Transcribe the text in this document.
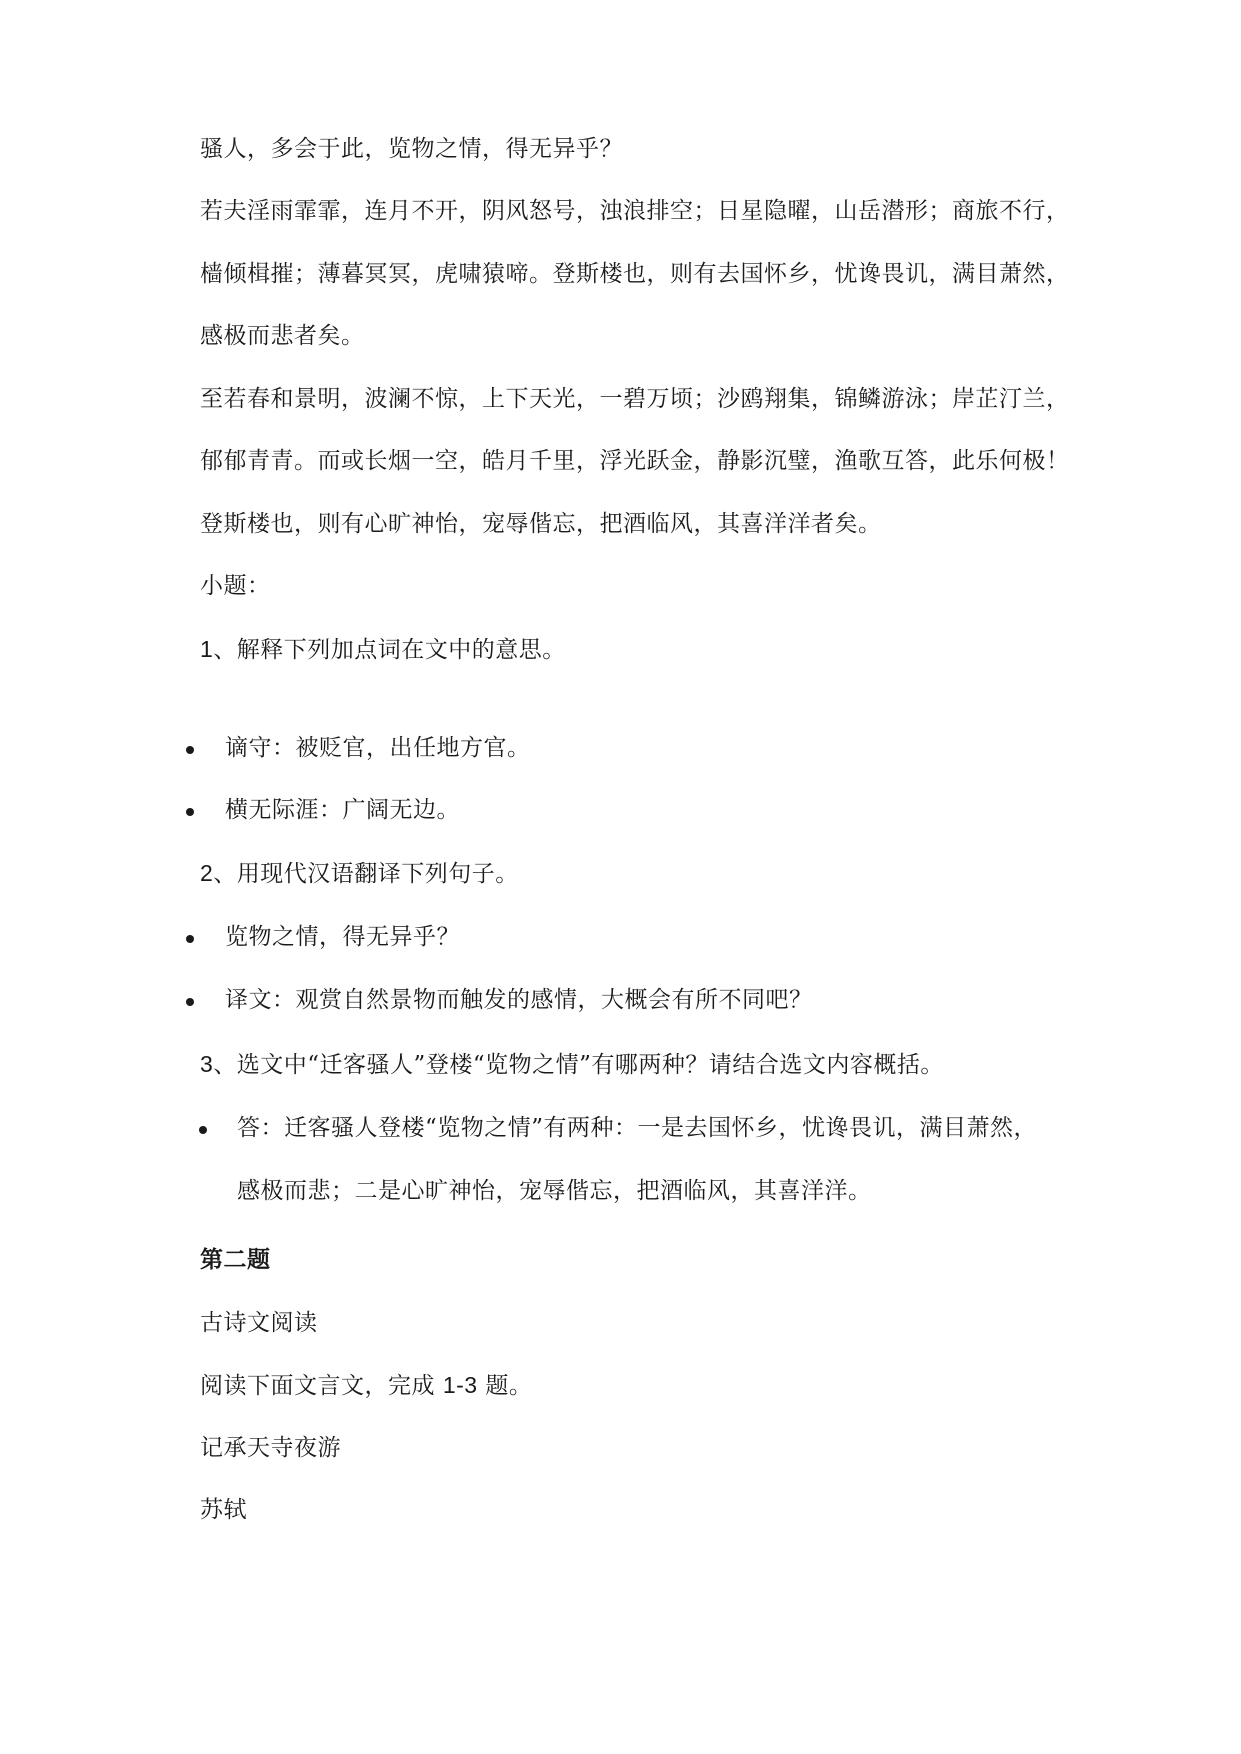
骚人，多会于此，览物之情，得无异乎？
若夫淫雨霏霏，连月不开，阴风怒号，浊浪排空；日星隐曜，山岳潜形；商旅不行，
樯倾楫摧；薄暮冥冥，虎啸猿啼。登斯楼也，则有去国怀乡，忧谗畏讥，满目萧然，
感极而悲者矣。
至若春和景明，波澜不惊，上下天光，一碧万顷；沙鸥翔集，锦鳞游泳；岸芷汀兰，
郁郁青青。而或长烟一空，皓月千里，浮光跃金，静影沉璧，渔歌互答，此乐何极！
登斯楼也，则有心旷神怡，宠辱偕忘，把酒临风，其喜洋洋者矣。
小题：
1、解释下列加点词在文中的意思。
谪守：被贬官，出任地方官。
横无际涯：广阔无边。
2、用现代汉语翻译下列句子。
览物之情，得无异乎？
译文：观赏自然景物而触发的感情，大概会有所不同吧？
3、选文中“迁客骚人”登楼“览物之情”有哪两种？请结合选文内容概括。
答：迁客骚人登楼“览物之情”有两种：一是去国怀乡，忧谗畏讥，满目萧然，
感极而悲；二是心旷神怡，宠辱偕忘，把酒临风，其喜洋洋。
第二题
古诗文阅读
阅读下面文言文，完成 1-3 题。
记承天寺夜游
苏轼
